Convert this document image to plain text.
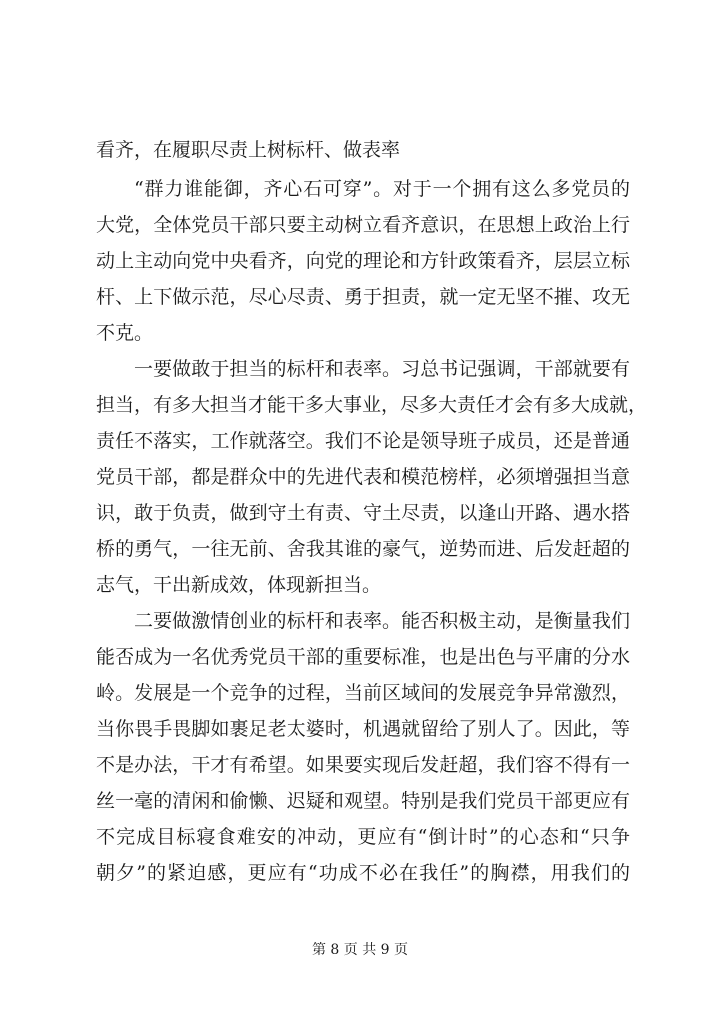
看齐，在履职尽责上树标杆、做表率
“群力谁能御，齐心石可穿”。对于一个拥有这么多党员的
大党，全体党员干部只要主动树立看齐意识，在思想上政治上行
动上主动向党中央看齐，向党的理论和方针政策看齐，层层立标
杆、上下做示范，尽心尽责、勇于担责，就一定无坚不摧、攻无
不克。
一要做敢于担当的标杆和表率。习总书记强调，干部就要有
担当，有多大担当才能干多大事业，尽多大责任才会有多大成就，
责任不落实，工作就落空。我们不论是领导班子成员，还是普通
党员干部，都是群众中的先进代表和模范榜样，必须增强担当意
识，敢于负责，做到守土有责、守土尽责，以逢山开路、遇水搭
桥的勇气，一往无前、舍我其谁的豪气，逆势而进、后发赶超的
志气，干出新成效，体现新担当。
二要做激情创业的标杆和表率。能否积极主动，是衡量我们
能否成为一名优秀党员干部的重要标准，也是出色与平庸的分水
岭。发展是一个竞争的过程，当前区域间的发展竞争异常激烈，
当你畏手畏脚如裹足老太婆时，机遇就留给了别人了。因此，等
不是办法，干才有希望。如果要实现后发赶超，我们容不得有一
丝一毫的清闲和偷懒、迟疑和观望。特别是我们党员干部更应有
不完成目标寝食难安的冲动，更应有“倒计时”的心态和“只争
朝夕”的紧迫感，更应有“功成不必在我任”的胸襟，用我们的
第 8 页 共 9 页
